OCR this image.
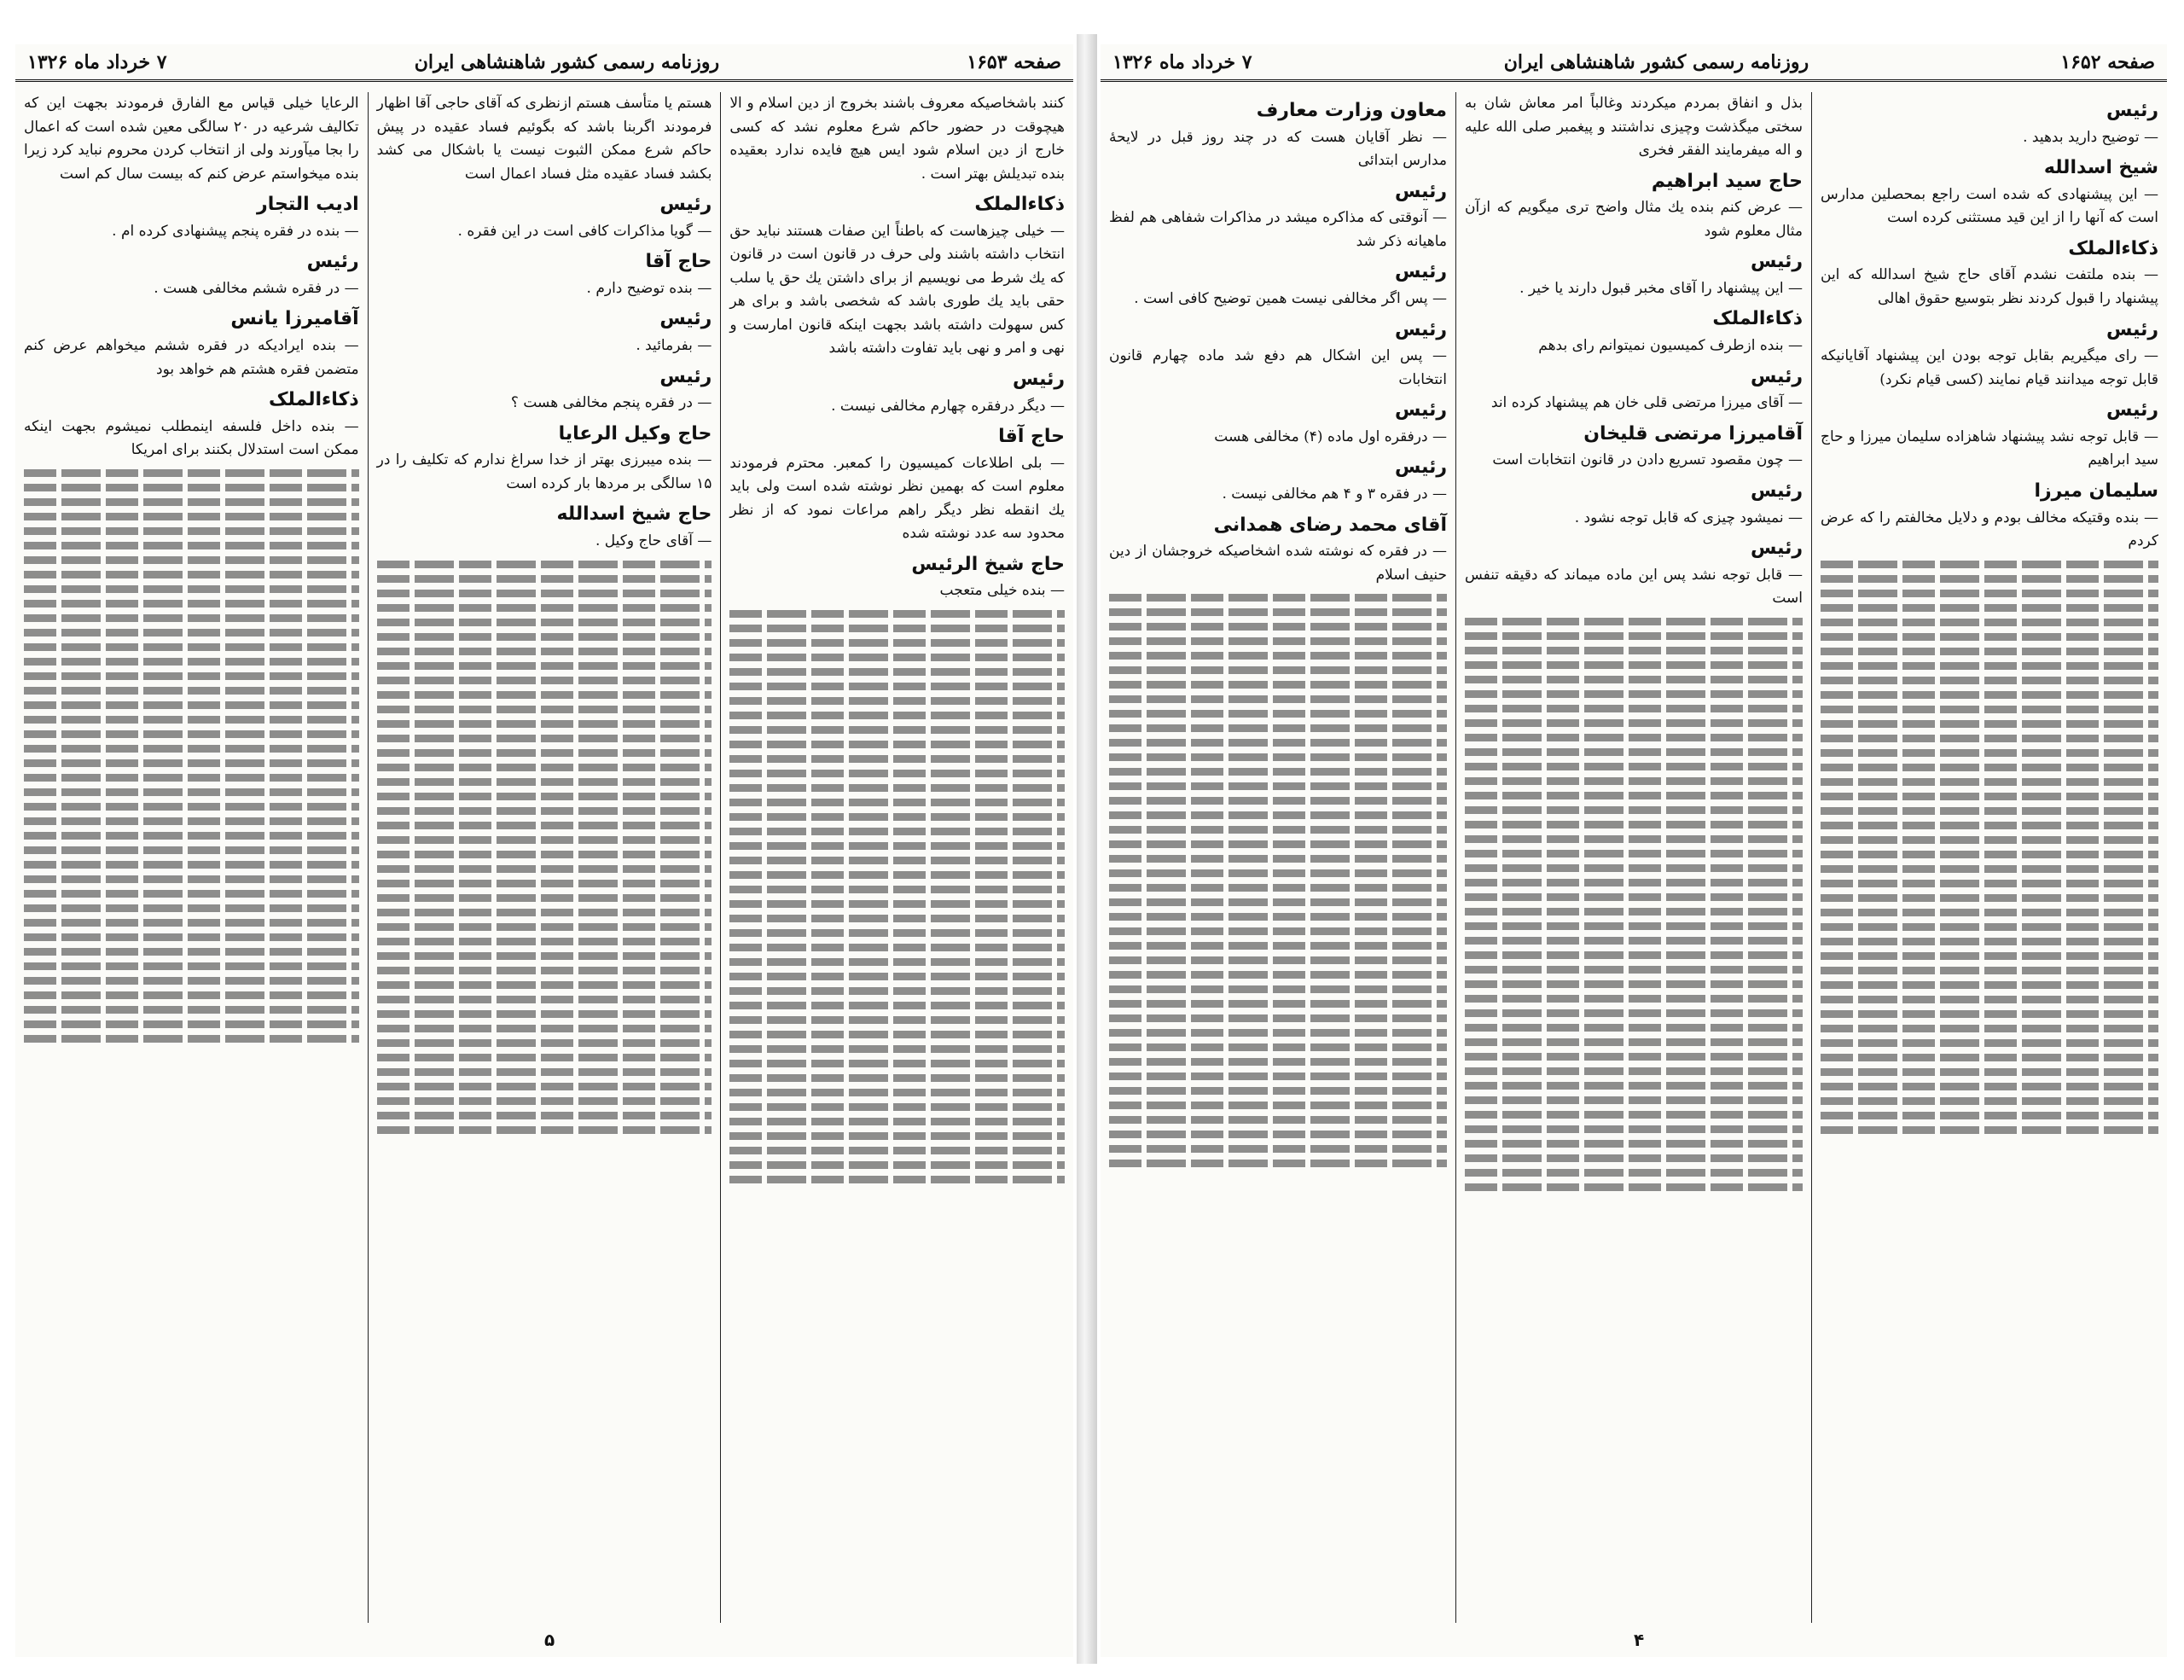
صفحه ۱۶۵۳
روزنامه رسمی کشور شاهنشاهی ایران
۷ خرداد ماه ۱۳۲۶

کنند باشخاصیکه معروف باشند بخروج از دین اسلام و الا هیچوقت در حضور حاکم شرع معلوم نشد که کسی خارج از دین اسلام شود ایس هیچ فایده ندارد بعقیده بنده تبدیلش بهتر است .

ذکاءالملک
— خیلی چیزهاست که باطناً این صفات هستند نباید حق انتخاب داشته باشند ولی حرف در قانون است در قانون که یك شرط می نویسیم از برای داشتن یك حق یا سلب حقی باید یك طوری باشد که شخصی باشد و برای هر کس سهولت داشته باشد بجهت اینکه قانون امارست و نهی و امر و نهی باید تفاوت داشته باشد

رئیس
— دیگر درفقره چهارم مخالفی نیست .

حاج آقا
— بلی اطلاعات کمیسیون را کمعبر. محترم فرمودند معلوم است که بهمین نظر نوشته شده است ولی باید یك انقطه نظر دیگر راهم مراعات نمود که از نظر محدود سه عدد نوشته شده

حاج شیخ الرئیس
— بنده خیلی متعجب

هستم یا متأسف هستم ازنظری که آقای حاجی آقا اظهار فرمودند اگربنا باشد که بگوئیم فساد عقیده در پیش حاکم شرع ممکن الثبوت نیست یا باشکال می کشد بکشد فساد عقیده مثل فساد اعمال است

رئیس
— گویا مذاکرات کافی است در این فقره .

حاج آقا
— بنده توضیح دارم .

رئیس
— بفرمائید .

رئیس
— در فقره پنجم مخالفی هست ؟

حاج وکیل الرعایا
— بنده میبرزی بهتر از خدا سراغ ندارم که تکلیف را در ۱۵ سالگی بر مردها بار کرده است

حاج شیخ اسدالله
— آقای حاج وکیل .

الرعایا خیلی قیاس مع الفارق فرمودند بجهت این که تکالیف شرعیه در ۲۰ سالگی معین شده است که اعمال را بجا میآورند ولی از انتخاب کردن محروم نباید کرد زیرا بنده میخواستم عرض کنم که بیست سال کم است

ادیب التجار
— بنده در فقره پنجم پیشنهادی کرده ام .

رئیس
— در فقره ششم مخالفی هست .

آقامیرزا یانس
— بنده ایرادیکه در فقره ششم میخواهم عرض کنم متضمن فقره هشتم هم خواهد بود

ذکاءالملک
— بنده داخل فلسفه اینمطلب نمیشوم بجهت اینکه ممکن است استدلال بکنند برای امریکا

۵
صفحه ۱۶۵۲
روزنامه رسمی کشور شاهنشاهی ایران
۷ خرداد ماه ۱۳۲۶

رئیس
— توضیح دارید بدهید .

شیخ اسدالله
— این پیشنهادی که شده است راجع بمحصلین مدارس است که آنها را از این قید مستثنی کرده است

ذکاءالملک
— بنده ملتفت نشدم آقای حاج شیخ اسدالله که این پیشنهاد را قبول کردند نظر بتوسیع حقوق اهالی

رئیس
— رای میگیریم بقابل توجه بودن این پیشنهاد آقایانیکه قابل توجه میدانند قیام نمایند (کسی قیام نکرد)

رئیس
— قابل توجه نشد پیشنهاد شاهزاده سلیمان میرزا و حاج سید ابراهیم

سلیمان میرزا
— بنده وقتیکه مخالف بودم و دلایل مخالفتم را که عرض کردم

بذل و انفاق بمردم میکردند وغالباً امر معاش شان به سختی میگذشت وچیزی نداشتند و پیغمبر صلی الله علیه و اله میفرمایند الفقر فخری

حاج سید ابراهیم
— عرض کنم بنده یك مثال واضح تری میگویم که ازآن مثال معلوم شود

رئیس
— این پیشنهاد را آقای مخبر قبول دارند یا خیر .

ذکاءالملک
— بنده ازطرف کمیسیون نمیتوانم رای بدهم

رئیس
— آقای میرزا مرتضی قلی خان هم پیشنهاد کرده اند

آقامیرزا مرتضی قلیخان
— چون مقصود تسریع دادن در قانون انتخابات است

رئیس
— نمیشود چیزی که قابل توجه نشود .

رئیس
— قابل توجه نشد پس این ماده میماند که دقیقه تنفس است

معاون وزارت معارف
— نظر آقایان هست که در چند روز قبل در لایحهٔ مدارس ابتدائی

رئیس
— آنوقتی که مذاکره میشد در مذاکرات شفاهی هم لفظ ماهیانه ذکر شد

رئیس
— پس اگر مخالفی نیست همین توضیح کافی است .

رئیس
— پس این اشکال هم دفع شد ماده چهارم قانون انتخابات

رئیس
— درفقره اول ماده (۴) مخالفی هست

رئیس
— در فقره ۳ و ۴ هم مخالفی نیست .

آقای محمد رضای همدانی
— در فقره که نوشته شده اشخاصیکه خروجشان از دین حنیف اسلام

۴
